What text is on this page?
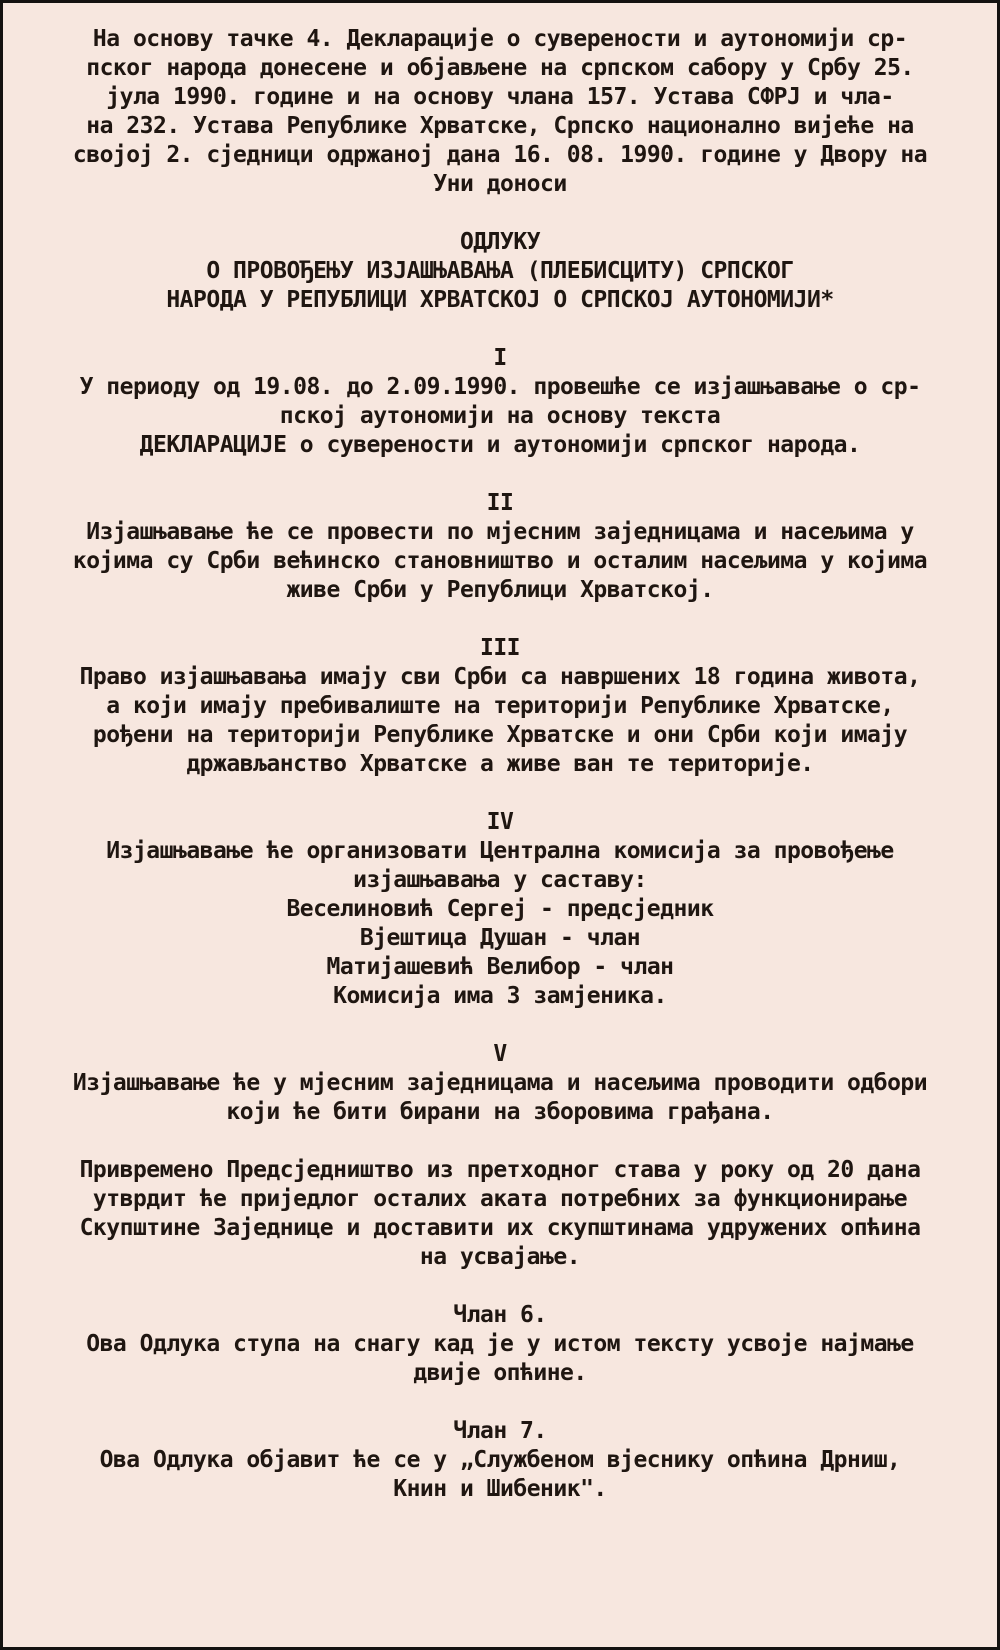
На основу тачке 4. Декларације о суверености и аутономији ср-
пског народа донесене и објављене на српском сабору у Србу 25.
јула 1990. године и на основу члана 157. Устава СФРЈ и чла-
на 232. Устава Републике Хрватске, Српско национално вијеће на
својој 2. сједници одржаној дана 16. 08. 1990. године у Двору на
Уни доноси
ОДЛУКУ
О ПРОВОЂЕЊУ ИЗЈАШЊАВАЊА (ПЛЕБИСЦИТУ) СРПСКОГ
НАРОДА У РЕПУБЛИЦИ ХРВАТСКОЈ О СРПСКОЈ АУТОНОМИЈИ*
I
У периоду од 19.08. до 2.09.1990. провешће се изјашњавање о ср-
пској аутономији на основу текста
ДЕКЛАРАЦИЈЕ о суверености и аутономији српског народа.
II
Изјашњавање ће се провести по мјесним заједницама и насељима у
којима су Срби већинско становништво и осталим насељима у којима
живе Срби у Републици Хрватској.
III
Право изјашњавања имају сви Срби са навршених 18 година живота,
а који имају пребивалиште на територији Републике Хрватске,
рођени на територији Републике Хрватске и они Срби који имају
држављанство Хрватске а живе ван те територије.
IV
Изјашњавање ће организовати Централна комисија за провођење
изјашњавања у саставу:
Веселиновић Сергеј - предсједник
Вјештица Душан - члан
Матијашевић Велибор - члан
Комисија има 3 замјеника.
V
Изјашњавање ће у мјесним заједницама и насељима проводити одбори
који ће бити бирани на зборовима грађана.
Привремено Предсједништво из претходног става у року од 20 дана
утврдит ће приједлог осталих аката потребних за функционирање
Скупштине Заједнице и доставити их скупштинама удружених опћина
на усвајање.
Члан 6.
Ова Одлука ступа на снагу кад је у истом тексту усвоје најмање
двије опћине.
Члан 7.
Ова Одлука објавит ће се у „Службеном вјеснику опћина Дрниш,
Книн и Шибеник".
